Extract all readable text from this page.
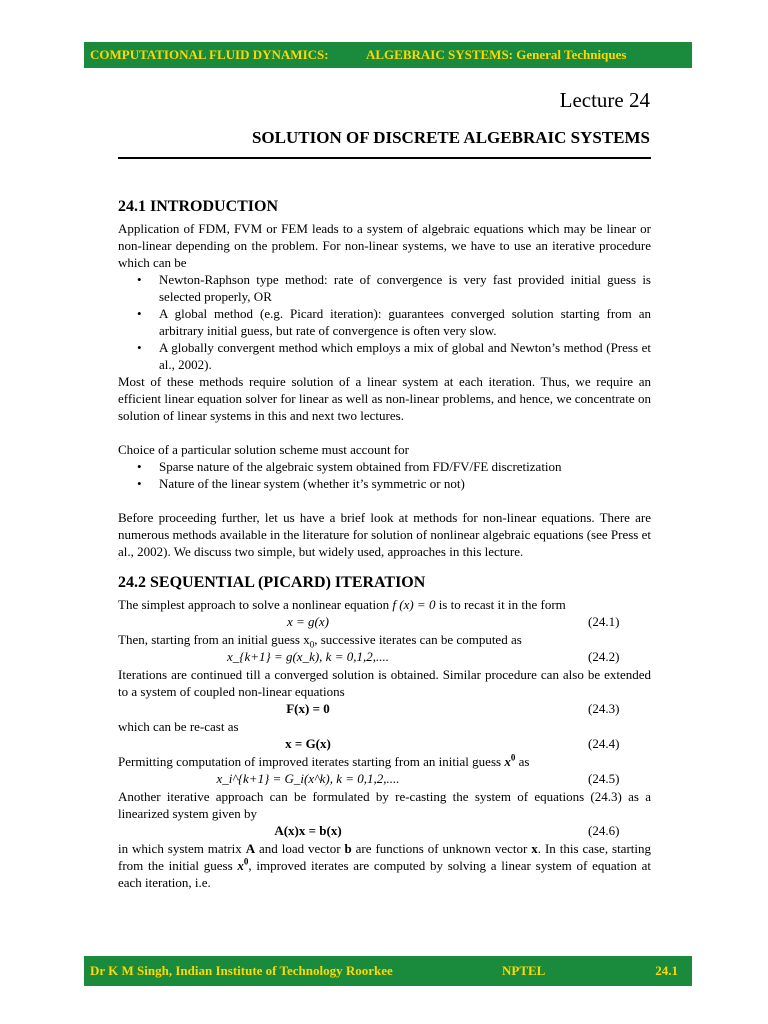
COMPUTATIONAL FLUID DYNAMICS:	ALGEBRAIC SYSTEMS: General Techniques
Lecture 24
SOLUTION OF DISCRETE ALGEBRAIC SYSTEMS
24.1 INTRODUCTION

Application of FDM, FVM or FEM leads to a system of algebraic equations which may be linear or non-linear depending on the problem. For non-linear systems, we have to use an iterative procedure which can be

• Newton-Raphson type method: rate of convergence is very fast provided initial guess is selected properly, OR
• A global method (e.g. Picard iteration): guarantees converged solution starting from an arbitrary initial guess, but rate of convergence is often very slow.
• A globally convergent method which employs a mix of global and Newton’s method (Press et al., 2002).

Most of these methods require solution of a linear system at each iteration. Thus, we require an efficient linear equation solver for linear as well as non-linear problems, and hence, we concentrate on solution of linear systems in this and next two lectures.

Choice of a particular solution scheme must account for

• Sparse nature of the algebraic system obtained from FD/FV/FE discretization
• Nature of the linear system (whether it’s symmetric or not)

Before proceeding further, let us have a brief look at methods for non-linear equations. There are numerous methods available in the literature for solution of nonlinear algebraic equations (see Press et al., 2002). We discuss two simple, but widely used, approaches in this lecture.

24.2 SEQUENTIAL (PICARD) ITERATION

The simplest approach to solve a nonlinear equation f (x) = 0 is to recast it in the form

x = g(x)	(24.1)

Then, starting from an initial guess $x_0$, successive iterates can be computed as

x_{k+1} = g(x_k), k = 0,1,2,....	(24.2)

Iterations are continued till a converged solution is obtained. Similar procedure can also be extended to a system of coupled non-linear equations

F(x) = 0	(24.3)

which can be re-cast as

x = G(x)	(24.4)

Permitting computation of improved iterates starting from an initial guess $x^0$ as

x_i^{k+1} = G_i(x^k), k = 0,1,2,....	(24.5)

Another iterative approach can be formulated by re-casting the system of equations (24.3) as a linearized system given by

A(x)x = b(x)	(24.6)

in which system matrix A and load vector b are functions of unknown vector x. In this case, starting from the initial guess $x^0$, improved iterates are computed by solving a linear system of equation at each iteration, i.e.

Dr K M Singh, Indian Institute of Technology Roorkee	NPTEL	24.1
